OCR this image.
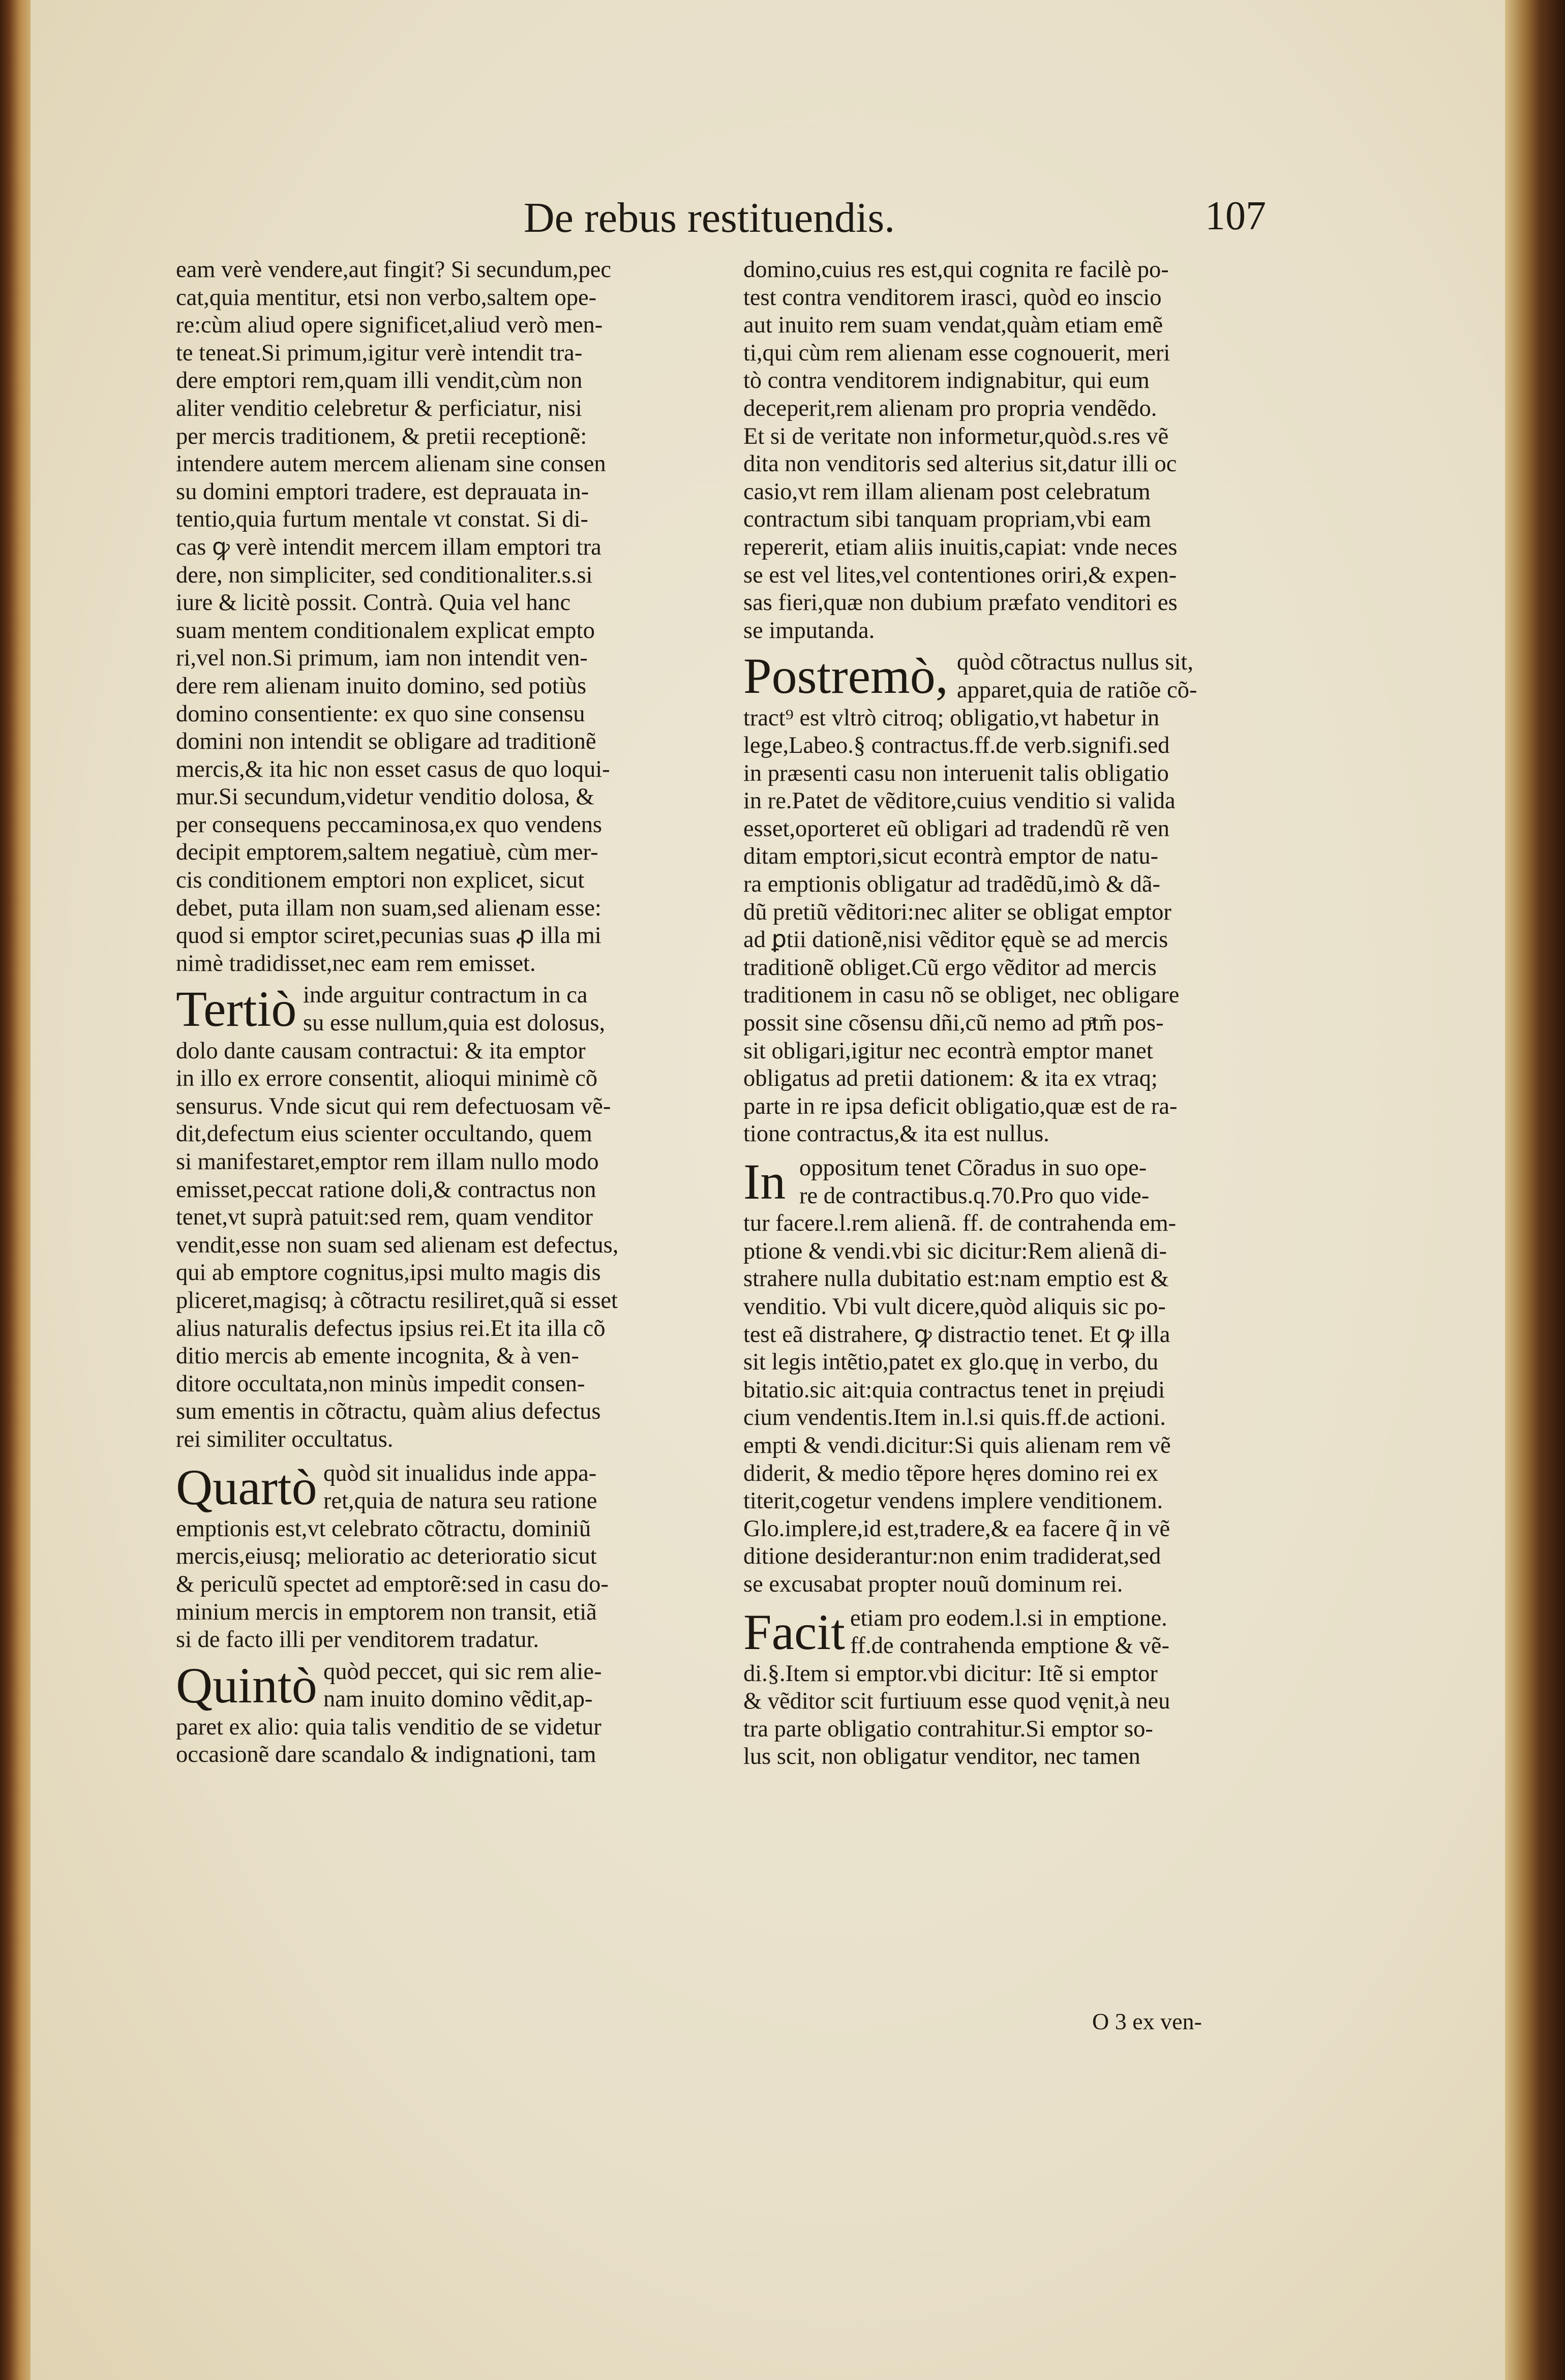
De rebus restituendis.	107
eam verè vendere,aut fingit? Si secundum,pec
cat,quia mentitur, etsi non verbo,saltem ope-
re:cùm aliud opere significet,aliud verò men-
te teneat.Si primum,igitur verè intendit tra-
dere emptori rem,quam illi vendit,cùm non
aliter venditio celebretur & perficiatur, nisi
per mercis traditionem, & pretii receptionẽ:
intendere autem mercem alienam sine consen
su domini emptori tradere, est deprauata in-
tentio,quia furtum mentale vt constat. Si di-
cas ꝙ verè intendit mercem illam emptori tra
dere, non simpliciter, sed conditionaliter.s.si
iure & licitè possit. Contrà. Quia vel hanc
suam mentem conditionalem explicat empto
ri,vel non.Si primum, iam non intendit ven-
dere rem alienam inuito domino, sed potiùs
domino consentiente: ex quo sine consensu
domini non intendit se obligare ad traditionẽ
mercis,& ita hic non esset casus de quo loqui-
mur.Si secundum,videtur venditio dolosa, &
per consequens peccaminosa,ex quo vendens
decipit emptorem,saltem negatiuè, cùm mer-
cis conditionem emptori non explicet, sicut
debet, puta illam non suam,sed alienam esse:
quod si emptor sciret,pecunias suas ꝓ illa mi
nimè tradidisset,nec eam rem emisset.
Tertiò inde arguitur contractum in ca
su esse nullum,quia est dolosus,
dolo dante causam contractui: & ita emptor
in illo ex errore consentit, alioqui minimè cõ
sensurus. Vnde sicut qui rem defectuosam vẽ-
dit,defectum eius scienter occultando, quem
si manifestaret,emptor rem illam nullo modo
emisset,peccat ratione doli,& contractus non
tenet,vt suprà patuit:sed rem, quam venditor
vendit,esse non suam sed alienam est defectus,
qui ab emptore cognitus,ipsi multo magis dis
pliceret,magisq; à cõtractu resiliret,quã si esset
alius naturalis defectus ipsius rei.Et ita illa cõ
ditio mercis ab emente incognita, & à ven-
ditore occultata,non minùs impedit consen-
sum ementis in cõtractu, quàm alius defectus
rei similiter occultatus.
Quartò quòd sit inualidus inde appa-
ret,quia de natura seu ratione
emptionis est,vt celebrato cõtractu, dominiũ
mercis,eiusq; melioratio ac deterioratio sicut
& periculũ spectet ad emptorẽ:sed in casu do-
minium mercis in emptorem non transit, etiã
si de facto illi per venditorem tradatur.
Quintò quòd peccet, qui sic rem alie-
nam inuito domino vẽdit,ap-
paret ex alio: quia talis venditio de se videtur
occasionẽ dare scandalo & indignationi, tam
domino,cuius res est,qui cognita re facilè po-
test contra venditorem irasci, quòd eo inscio
aut inuito rem suam vendat,quàm etiam emẽ
ti,qui cùm rem alienam esse cognouerit, meri
tò contra venditorem indignabitur, qui eum
deceperit,rem alienam pro propria vendẽdo.
Et si de veritate non informetur,quòd.s.res vẽ
dita non venditoris sed alterius sit,datur illi oc
casio,vt rem illam alienam post celebratum
contractum sibi tanquam propriam,vbi eam
repererit, etiam aliis inuitis,capiat: vnde neces
se est vel lites,vel contentiones oriri,& expen-
sas fieri,quæ non dubium præfato venditori es
se imputanda.
Postremò, quòd cõtractus nullus sit,
apparet,quia de ratiõe cõ-
tract⁹ est vltrò citroq; obligatio,vt habetur in
lege,Labeo.§ contractus.ff.de verb.signifi.sed
in præsenti casu non interuenit talis obligatio
in re.Patet de vẽditore,cuius venditio si valida
esset,oporteret eũ obligari ad tradendũ rẽ ven
ditam emptori,sicut econtrà emptor de natu-
ra emptionis obligatur ad tradẽdũ,imò & dã-
dũ pretiũ vẽditori:nec aliter se obligat emptor
ad ꝑtii dationẽ,nisi vẽditor ęquè se ad mercis
traditionẽ obliget.Cũ ergo vẽditor ad mercis
traditionem in casu nõ se obliget, nec obligare
possit sine cõsensu dñi,cũ nemo ad pͣtm̃ pos-
sit obligari,igitur nec econtrà emptor manet
obligatus ad pretii dationem: & ita ex vtraq;
parte in re ipsa deficit obligatio,quæ est de ra-
tione contractus,& ita est nullus.
In oppositum tenet Cõradus in suo ope-
re de contractibus.q.70.Pro quo vide-
tur facere.l.rem alienã. ff. de contrahenda em-
ptione & vendi.vbi sic dicitur:Rem alienã di-
strahere nulla dubitatio est:nam emptio est &
venditio. Vbi vult dicere,quòd aliquis sic po-
test eã distrahere, ꝙ distractio tenet. Et ꝙ illa
sit legis intẽtio,patet ex glo.quę in verbo, du
bitatio.sic ait:quia contractus tenet in pręiudi
cium vendentis.Item in.l.si quis.ff.de actioni.
empti & vendi.dicitur:Si quis alienam rem vẽ
diderit, & medio tẽpore hęres domino rei ex
titerit,cogetur vendens implere venditionem.
Glo.implere,id est,tradere,& ea facere q̃ in vẽ
ditione desiderantur:non enim tradiderat,sed
se excusabat propter nouũ dominum rei.
Facit etiam pro eodem.l.si in emptione.
ff.de contrahenda emptione & vẽ-
di.§.Item si emptor.vbi dicitur: Itẽ si emptor
& vẽditor scit furtiuum esse quod vęnit,à neu
tra parte obligatio contrahitur.Si emptor so-
lus scit, non obligatur venditor, nec tamen
O 3 ex ven-
